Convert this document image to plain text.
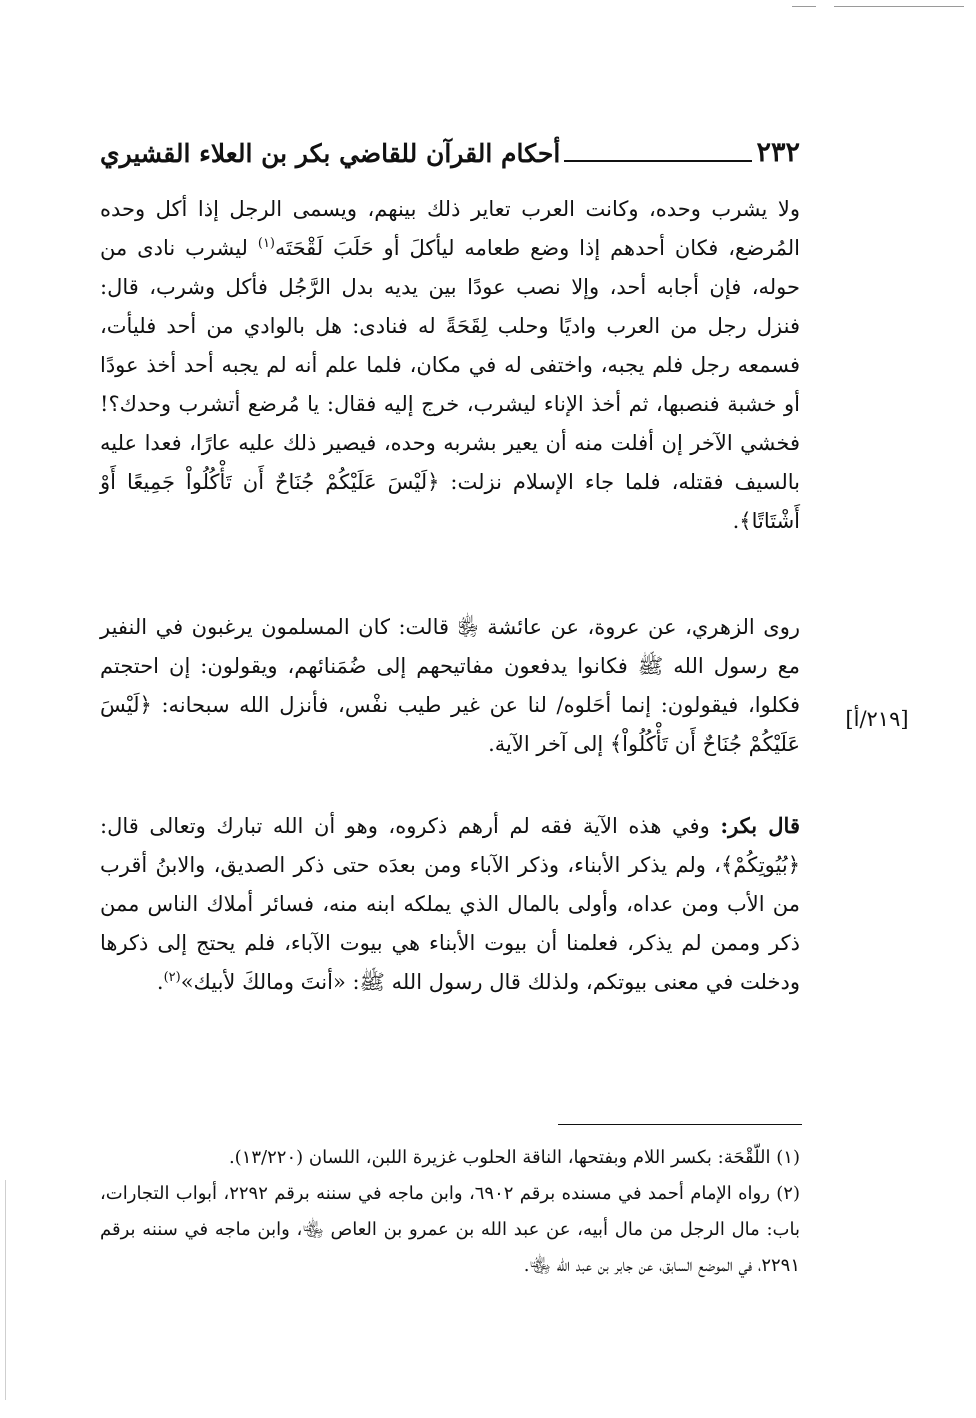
٢٣٢
أحكام القرآن للقاضي بكر بن العلاء القشيري

ولا يشرب وحده، وكانت العرب تعاير ذلك بينهم، ويسمى الرجل إذا أكل وحده المُرضع، فكان أحدهم إذا وضع طعامه ليأكلَ أو حَلَبَ لَقْحَتَه$^{(١)}$ ليشرب نادى من حوله، فإن أجابه أحد، وإلا نصب عودًا بين يديه بدل الرَّجُل فأكل وشرب، قال: فنزل رجل من العرب واديًا وحلب لِقَحَةً له فنادى: هل بالوادي من أحد فليأت، فسمعه رجل فلم يجبه، واختفى له في مكان، فلما علم أنه لم يجبه أحد أخذ عودًا أو خشبة فنصبها، ثم أخذ الإناء ليشرب، خرج إليه فقال: يا مُرضع أتشرب وحدك؟! فخشي الآخر إن أفلت منه أن يعير بشربه وحده، فيصير ذلك عليه عارًا، فعدا عليه بالسيف فقتله، فلما جاء الإسلام نزلت: ﴿لَيْسَ عَلَيْكُمْ جُنَاحٌ أَن تَأْكُلُواْ جَمِيعًا أَوْ أَشْتَاتًا﴾.

[٢١٩/أ]

روى الزهري، عن عروة، عن عائشة ﵂ قالت: كان المسلمون يرغبون في النفير مع رسول الله ﷺ فكانوا يدفعون مفاتيحهم إلى ضُمَنائهم، ويقولون: إن احتجتم فكلوا، فيقولون: إنما أحَلوه/ لنا عن غير طيب نفْس، فأنزل الله سبحانه: ﴿لَيْسَ عَلَيْكُمْ جُنَاحٌ أَن تَأْكُلُواْ﴾ إلى آخر الآية.

قال بكر: وفي هذه الآية فقه لم أرهم ذكروه، وهو أن الله تبارك وتعالى قال: ﴿بُيُوتِكُمْ﴾، ولم يذكر الأبناء، وذكر الآباء ومن بعدَه حتى ذكر الصديق، والابنُ أقرب من الأب ومن عداه، وأولى بالمال الذي يملكه ابنه منه، فسائر أملاك الناس ممن ذكر وممن لم يذكر، فعلمنا أن بيوت الأبناء هي بيوت الآباء، فلم يحتج إلى ذكرها ودخلت في معنى بيوتكم، ولذلك قال رسول الله ﷺ: «أنتَ ومالكَ لأبيك»$^{(٢)}$.

(١) اللّقْحَة: بكسر اللام وبفتحها، الناقة الحلوب غزيرة اللبن، اللسان (١٣/٢٢٠).

(٢) رواه الإمام أحمد في مسنده برقم ٦٩٠٢، وابن ماجه في سننه برقم ٢٢٩٢، أبواب التجارات، باب: مال الرجل من مال أبيه، عن عبد الله بن عمرو بن العاص ﵄، وابن ماجه في سننه برقم ٢٢٩١، في الموضع السابق، عن جابر بن عبد الله ﵄.
